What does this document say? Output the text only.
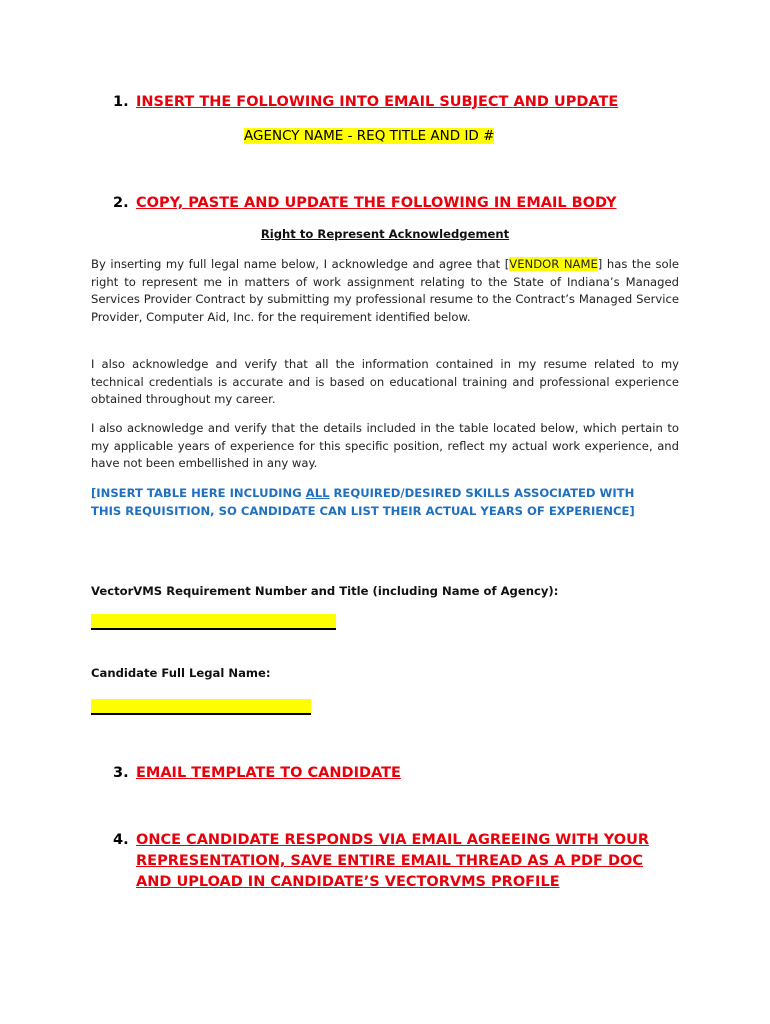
1. INSERT THE FOLLOWING INTO EMAIL SUBJECT AND UPDATE
AGENCY NAME - REQ TITLE AND ID #
2. COPY, PASTE AND UPDATE THE FOLLOWING IN EMAIL BODY
Right to Represent Acknowledgement

By inserting my full legal name below, I acknowledge and agree that [VENDOR NAME] has the sole right to represent me in matters of work assignment relating to the State of Indiana’s Managed Services Provider Contract by submitting my professional resume to the Contract’s Managed Service Provider, Computer Aid, Inc. for the requirement identified below.

I also acknowledge and verify that all the information contained in my resume related to my technical credentials is accurate and is based on educational training and professional experience obtained throughout my career.

I also acknowledge and verify that the details included in the table located below, which pertain to my applicable years of experience for this specific position, reflect my actual work experience, and have not been embellished in any way.

[INSERT TABLE HERE INCLUDING ALL REQUIRED/DESIRED SKILLS ASSOCIATED WITH THIS REQUISITION, SO CANDIDATE CAN LIST THEIR ACTUAL YEARS OF EXPERIENCE]

VectorVMS Requirement Number and Title (including Name of Agency):
Candidate Full Legal Name:
3. EMAIL TEMPLATE TO CANDIDATE
4. ONCE CANDIDATE RESPONDS VIA EMAIL AGREEING WITH YOUR
REPRESENTATION, SAVE ENTIRE EMAIL THREAD AS A PDF DOC
AND UPLOAD IN CANDIDATE’S VECTORVMS PROFILE
